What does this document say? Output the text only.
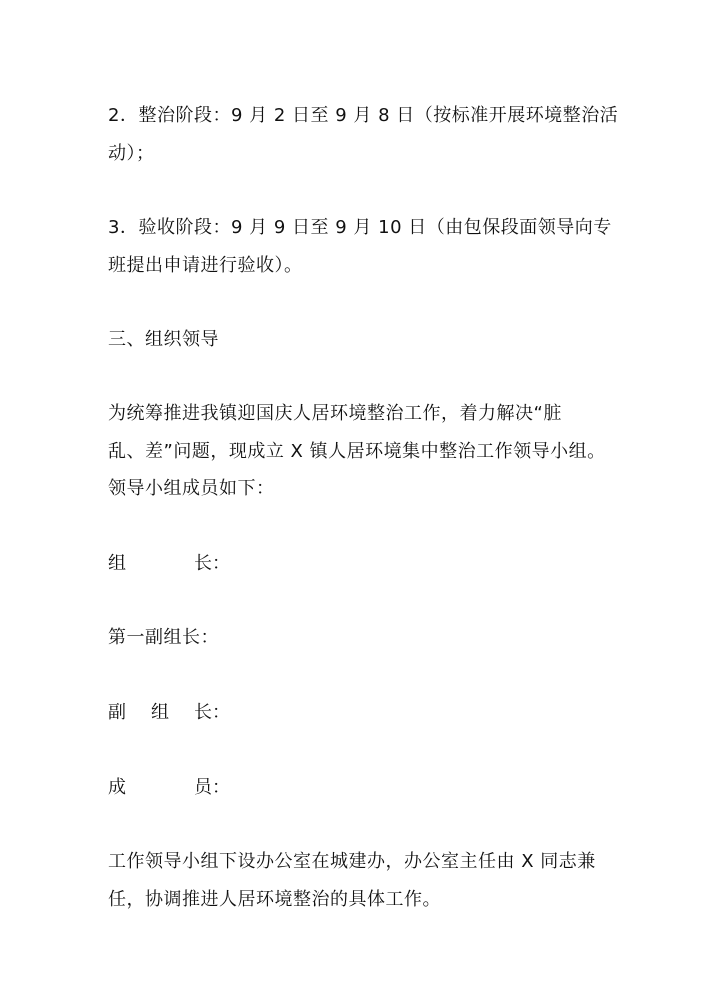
2．整治阶段：9 月 2 日至 9 月 8 日（按标准开展环境整治活
动）；
3．验收阶段：9 月 9 日至 9 月 10 日（由包保段面领导向专
班提出申请进行验收）。
三、组织领导
为统筹推进我镇迎国庆人居环境整治工作，着力解决“脏
乱、差”问题，现成立 X 镇人居环境集中整治工作领导小组。
领导小组成员如下：
组	长 ：
第一副组长：
副 组 长 ：
成	员 ：
工作领导小组下设办公室在城建办，办公室主任由 X 同志兼
任，协调推进人居环境整治的具体工作。
